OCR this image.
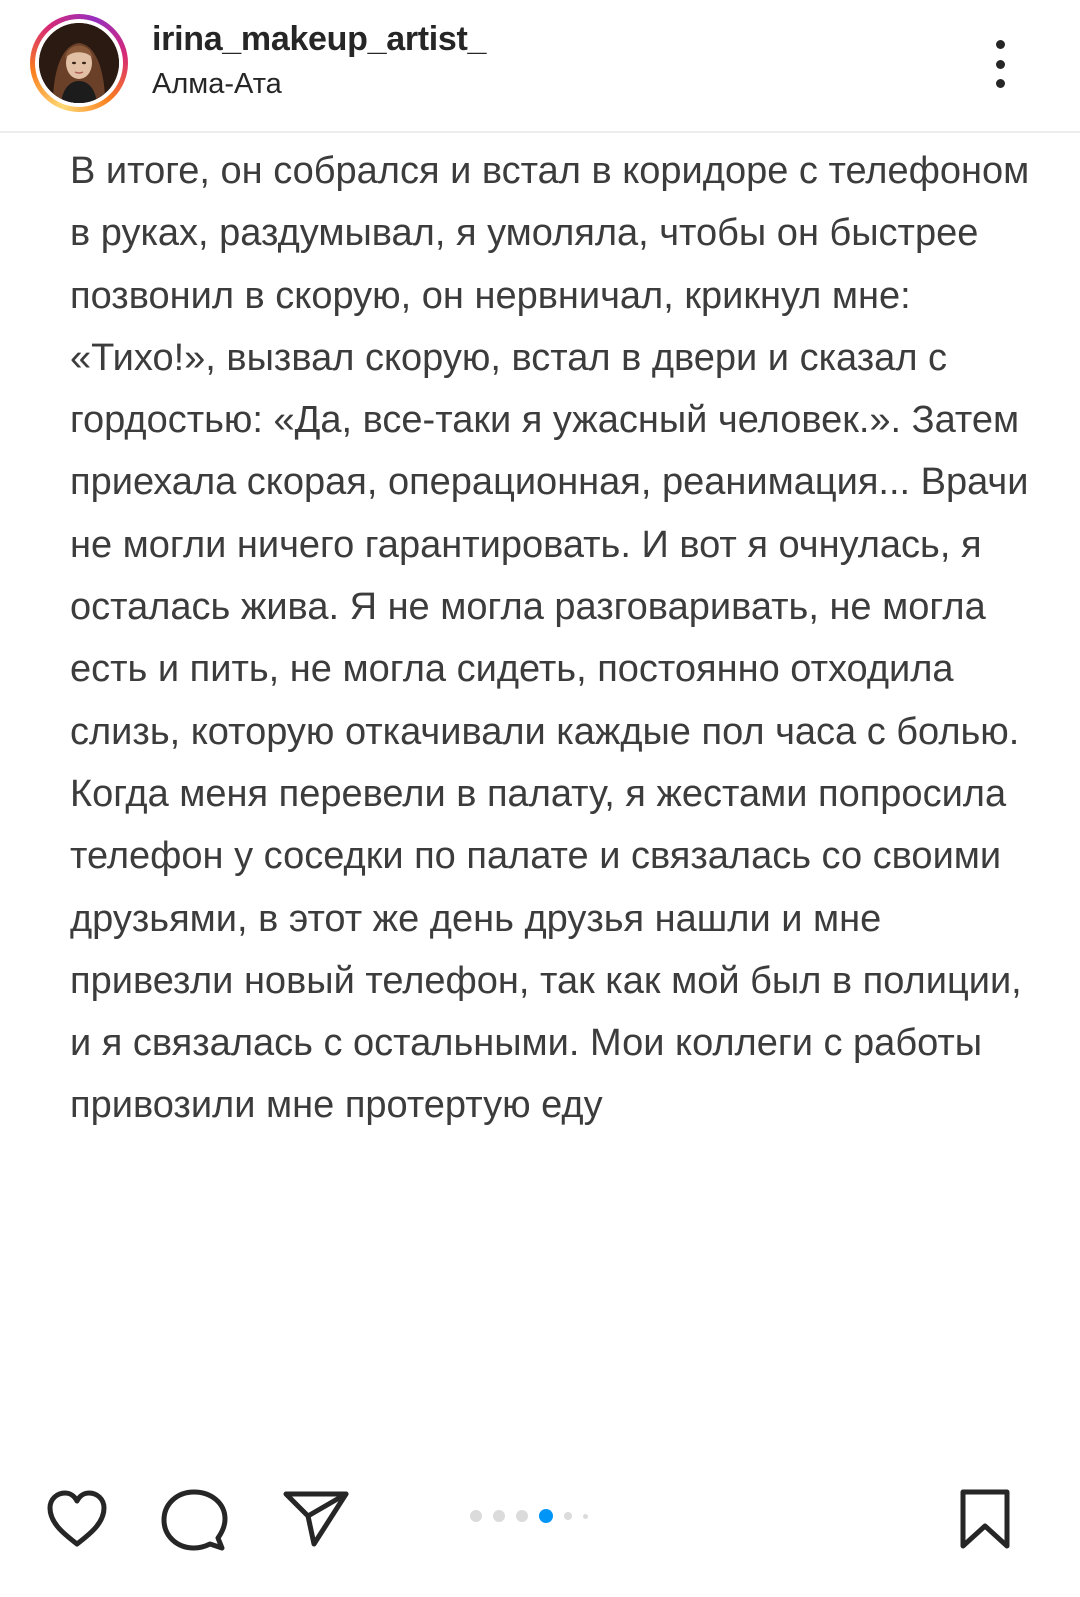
irina_makeup_artist_
Алма-Ата

В итоге, он собрался и встал в коридоре с телефоном в руках, раздумывал, я умоляла, чтобы он быстрее позвонил в скорую, он нервничал, крикнул мне: «Тихо!», вызвал скорую, встал в двери и сказал с гордостью: «Да, все-таки я ужасный человек.». Затем приехала скорая, операционная, реанимация... Врачи не могли ничего гарантировать. И вот я очнулась, я осталась жива. Я не могла разговаривать, не могла есть и пить, не могла сидеть, постоянно отходила слизь, которую откачивали каждые пол часа с болью.

Когда меня перевели в палату, я жестами попросила телефон у соседки по палате и связалась со своими друзьями, в этот же день друзья нашли и мне привезли новый телефон, так как мой был в полиции, и я связалась с остальными. Мои коллеги с работы привозили мне протертую еду
